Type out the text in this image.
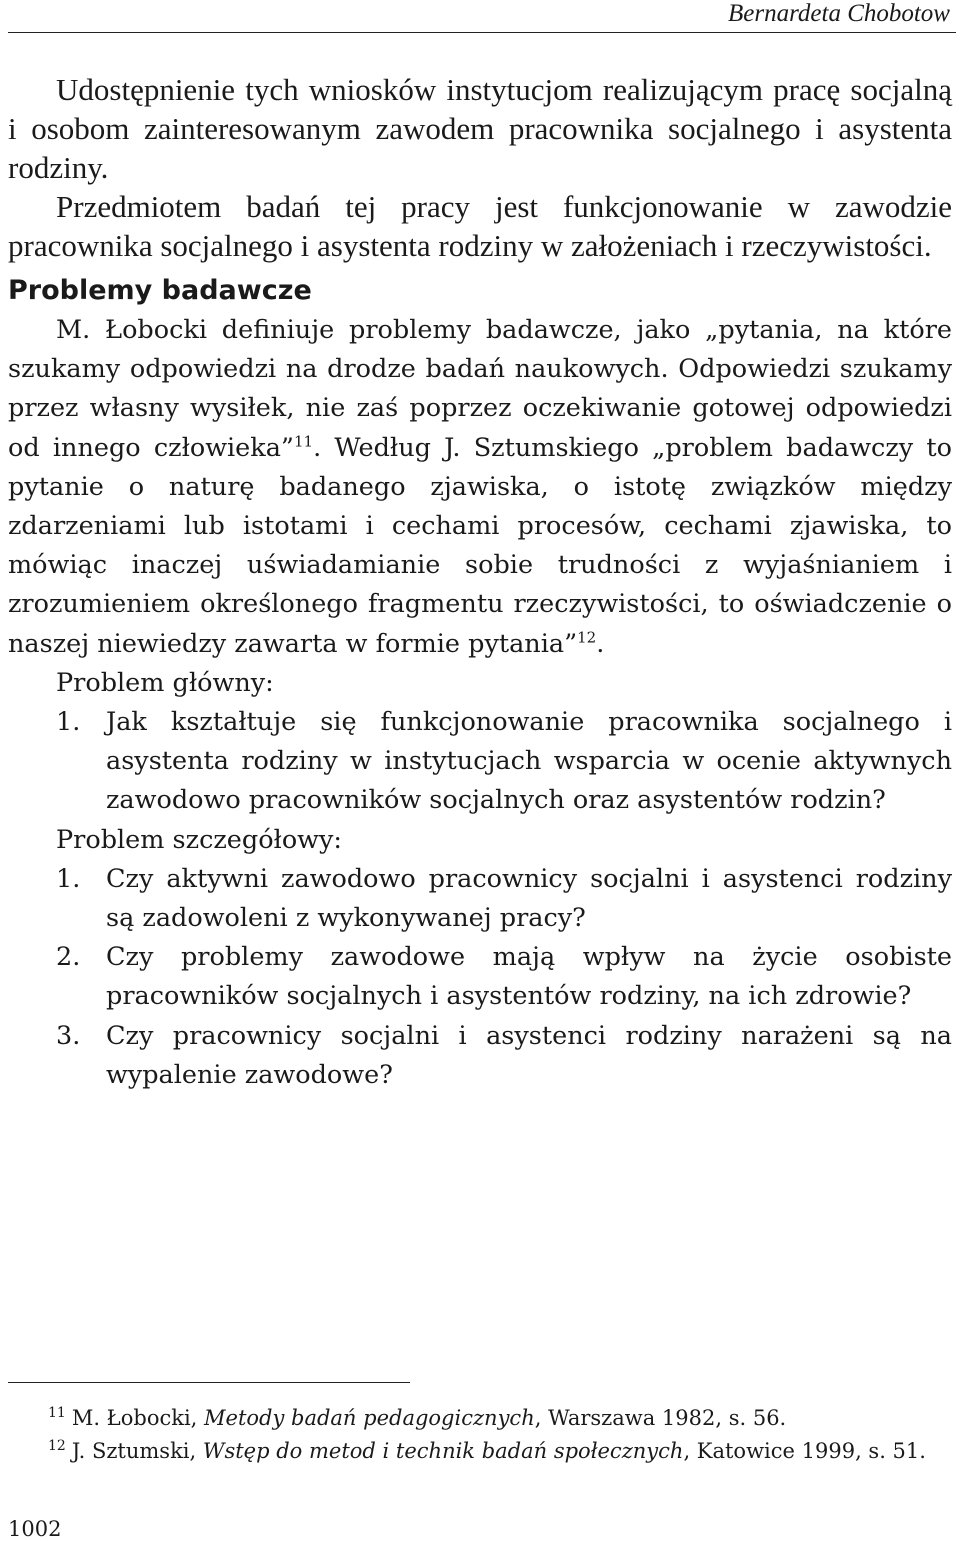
Bernardeta Chobotow

Udostępnienie tych wniosków instytucjom realizującym pracę socjalną i osobom zainteresowanym zawodem pracownika socjalnego i asystenta rodziny.

Przedmiotem badań tej pracy jest funkcjonowanie w zawodzie pracownika socjalnego i asystenta rodziny w założeniach i rzeczywistości.

Problemy badawcze

M. Łobocki definiuje problemy badawcze, jako „pytania, na które szukamy odpowiedzi na drodze badań naukowych. Odpowiedzi szukamy przez własny wysiłek, nie zaś poprzez oczekiwanie gotowej odpowiedzi od innego człowieka”$^{11}$. Według J. Sztumskiego „problem badawczy to pytanie o naturę badanego zjawiska, o istotę związków między zdarzeniami lub istotami i cechami procesów, cechami zjawiska, to mówiąc inaczej uświadamianie sobie trudności z wyjaśnianiem i zrozumieniem określonego fragmentu rzeczywistości, to oświadczenie o naszej niewiedzy zawarta w formie pytania”$^{12}$.

Problem główny:
1.	Jak kształtuje się funkcjonowanie pracownika socjalnego i asystenta rodziny w instytucjach wsparcia w ocenie aktywnych zawodowo pracowników socjalnych oraz asystentów rodzin?
Problem szczegółowy:
1.	Czy aktywni zawodowo pracownicy socjalni i asystenci rodziny są zadowoleni z wykonywanej pracy?
2.	Czy problemy zawodowe mają wpływ na życie osobiste pracowników socjalnych i asystentów rodziny, na ich zdrowie?
3.	Czy pracownicy socjalni i asystenci rodziny narażeni są na wypalenie zawodowe?
$^{11}$ M. Łobocki, Metody badań pedagogicznych, Warszawa 1982, s. 56.
$^{12}$ J. Sztumski, Wstęp do metod i technik badań społecznych, Katowice 1999, s. 51.
1002
